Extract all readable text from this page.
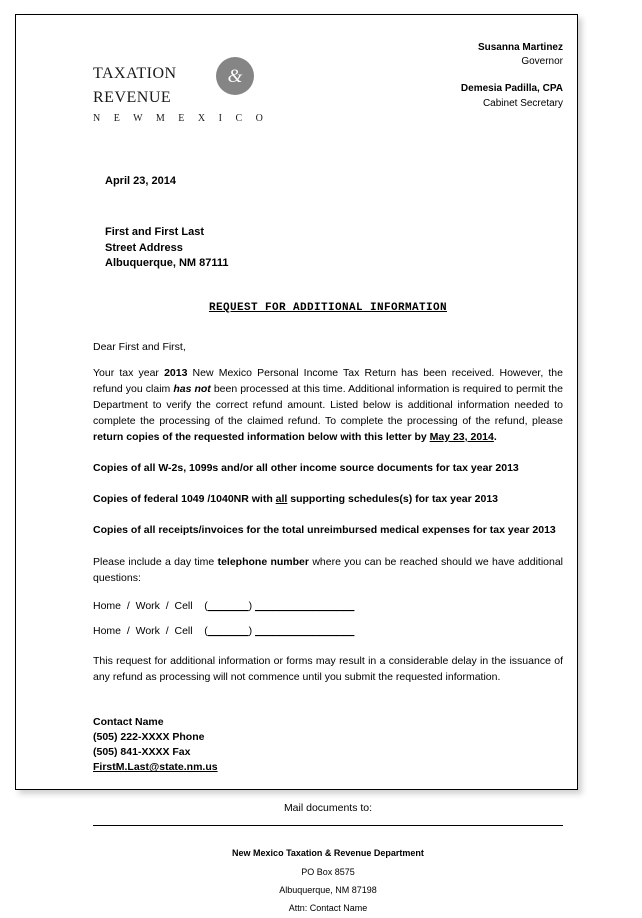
taxation
revenue
&
N E W M E X I C O
Susanna Martinez
Governor
Demesia Padilla, CPA
Cabinet Secretary
April 23, 2014
First and First Last
Street Address
Albuquerque, NM 87111
REQUEST FOR ADDITIONAL INFORMATION
Dear First and First,

Your tax year 2013 New Mexico Personal Income Tax Return has been received. However, the refund you claim has not been processed at this time. Additional information is required to permit the Department to verify the correct refund amount. Listed below is additional information needed to complete the processing of the claimed refund. To complete the processing of the refund, please return copies of the requested information below with this letter by May 23, 2014.

Copies of all W-2s, 1099s and/or all other income source documents for tax year 2013

Copies of federal 1049 /1040NR with all supporting schedules(s) for tax year 2013

Copies of all receipts/invoices for the total unreimbursed medical expenses for tax year 2013

Please include a day time telephone number where you can be reached should we have additional questions:

Home  /  Work  /  Cell (_______) _________________
Home  /  Work  /  Cell (_______) _________________

This request for additional information or forms may result in a considerable delay in the issuance of any refund as processing will not commence until you submit the requested information.

Contact Name
(505) 222-XXXX Phone
(505) 841-XXXX Fax
FirstM.Last@state.nm.us
Mail documents to:
New Mexico Taxation & Revenue Department
PO Box 8575
Albuquerque, NM 87198
Attn: Contact Name
